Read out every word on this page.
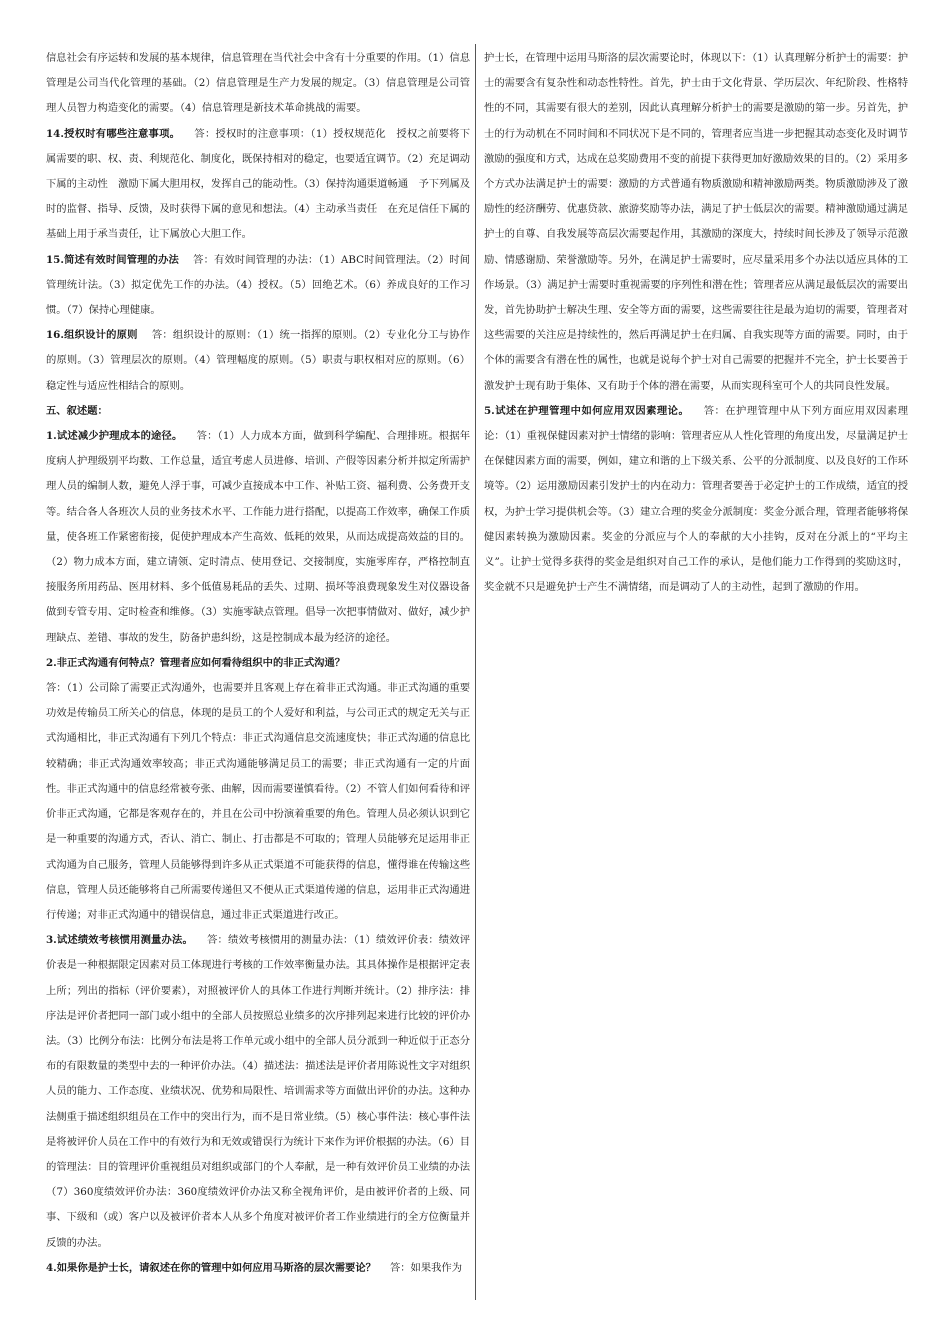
信息社会有序运转和发展的基本规律，信息管理在当代社会中含有十分重要的作用。（1）信息管理是公司当代化管理的基础。（2）信息管理是生产力发展的规定。（3）信息管理是公司管理人员智力构造变化的需要。（4）信息管理是新技术革命挑战的需要。

14.授权时有哪些注意事项。 答：授权时的注意事项：（1）授权规范化　授权之前要将下属需要的职、权、责、利规范化、制度化，既保持相对的稳定，也要适宜调节。（2）充足调动下属的主动性　激励下属大胆用权，发挥自己的能动性。（3）保持沟通渠道畅通　予下列属及时的监督、指导、反馈，及时获得下属的意见和想法。（4）主动承当责任　在充足信任下属的基础上用于承当责任，让下属放心大胆工作。

15.简述有效时间管理的办法 答：有效时间管理的办法：（1）ABC时间管理法。（2）时间管理统计法。（3）拟定优先工作的办法。（4）授权。（5）回绝艺术。（6）养成良好的工作习惯。（7）保持心理健康。

16.组织设计的原则 答：组织设计的原则：（1）统一指挥的原则。（2）专业化分工与协作的原则。（3）管理层次的原则。（4）管理幅度的原则。（5）职责与职权相对应的原则。（6）稳定性与适应性相结合的原则。

五、叙述题：

1.试述减少护理成本的途径。 答：（1）人力成本方面，做到科学编配、合理排班。根据年度病人护理级别平均数、工作总量，适宜考虑人员进修、培训、产假等因素分析并拟定所需护理人员的编制人数，避免人浮于事，可减少直接成本中工作、补贴工资、福利费、公务费开支等。结合各人各班次人员的业务技术水平、工作能力进行搭配，以提高工作效率，确保工作质量，使各班工作紧密衔接，促使护理成本产生高效、低耗的效果，从而达成提高效益的目的。（2）物力成本方面，建立请领、定时清点、使用登记、交接制度，实施零库存，严格控制直接服务所用药品、医用材料、多个低值易耗品的丢失、过期、损坏等浪费现象发生对仪器设备做到专管专用、定时检查和维修。（3）实施零缺点管理。倡导一次把事情做对、做好，减少护理缺点、差错、事故的发生，防备护患纠纷，这是控制成本最为经济的途径。

2.非正式沟通有何特点？管理者应如何看待组织中的非正式沟通？

答：（1）公司除了需要正式沟通外，也需要并且客观上存在着非正式沟通。非正式沟通的重要功效是传输员工所关心的信息，体现的是员工的个人爱好和利益，与公司正式的规定无关与正式沟通相比，非正式沟通有下列几个特点：非正式沟通信息交流速度快；非正式沟通的信息比较精确；非正式沟通效率较高；非正式沟通能够满足员工的需要；非正式沟通有一定的片面性。非正式沟通中的信息经常被夸张、曲解，因而需要谨慎看待。（2）不管人们如何看待和评价非正式沟通，它都是客观存在的，并且在公司中扮演着重要的角色。管理人员必须认识到它是一种重要的沟通方式，否认、消亡、制止、打击都是不可取的；管理人员能够充足运用非正式沟通为自己服务，管理人员能够得到许多从正式渠道不可能获得的信息，懂得谁在传输这些信息，管理人员还能够将自己所需要传递但又不便从正式渠道传递的信息，运用非正式沟通进行传递；对非正式沟通中的错误信息，通过非正式渠道进行改正。

3.试述绩效考核惯用测量办法。 答：绩效考核惯用的测量办法：（1）绩效评价表：绩效评价表是一种根据限定因素对员工体现进行考核的工作效率衡量办法。其具体操作是根据评定表上所；列出的指标（评价要素），对照被评价人的具体工作进行判断并统计。（2）排序法：排序法是评价者把同一部门或小组中的全部人员按照总业绩多的次序排列起来进行比较的评价办法。（3）比例分布法：比例分布法是将工作单元或小组中的全部人员分派到一种近似于正态分布的有限数量的类型中去的一种评价办法。（4）描述法：描述法是评价者用陈说性文字对组织人员的能力、工作态度、业绩状况、优势和局限性、培训需求等方面做出评价的办法。这种办法侧重于描述组织组员在工作中的突出行为，而不是日常业绩。（5）核心事件法：核心事件法是将被评价人员在工作中的有效行为和无效或错误行为统计下来作为评价根据的办法。（6）目的管理法：目的管理评价重视组员对组织或部门的个人奉献，是一种有效评价员工业绩的办法（7）360度绩效评价办法：360度绩效评价办法又称全视角评价，是由被评价者的上级、同事、下级和（或）客户以及被评价者本人从多个角度对被评价者工作业绩进行的全方位衡量并反馈的办法。

4.如果你是护士长，请叙述在你的管理中如何应用马斯洛的层次需要论？ 答：如果我作为

护士长，在管理中运用马斯洛的层次需要论时，体现以下：（1）认真理解分析护士的需要：护士的需要含有复杂性和动态性特性。首先，护士由于文化背景、学历层次、年纪阶段、性格特性的不同，其需要有很大的差别，因此认真理解分析护士的需要是激励的第一步。另首先，护士的行为动机在不同时间和不同状况下是不同的，管理者应当进一步把握其动态变化及时调节激励的强度和方式，达成在总奖励费用不变的前提下获得更加好激励效果的目的。（2）采用多个方式办法满足护士的需要：激励的方式普通有物质激励和精神激励两类。物质激励涉及了激励性的经济酬劳、优惠贷款、旅游奖励等办法，满足了护士低层次的需要。精神激励通过满足护士的自尊、自我发展等高层次需要起作用，其激励的深度大，持续时间长涉及了领导示范激励、情感谢励、荣誉激励等。另外，在满足护士需要时，应尽量采用多个办法以适应具体的工作场景。（3）满足护士需要时重视需要的序列性和潜在性；管理者应从满足最低层次的需要出发，首先协助护士解决生理、安全等方面的需要，这些需要往往是最为迫切的需要，管理者对这些需要的关注应是持续性的，然后再满足护士在归属、自我实现等方面的需要。同时，由于个体的需要含有潜在性的属性，也就是说每个护士对自己需要的把握并不完全，护士长要善于激发护士现有助于集体、又有助于个体的潜在需要，从而实现科室可个人的共同良性发展。

5.试述在护理管理中如何应用双因素理论。 答：在护理管理中从下列方面应用双因素理论：（1）重视保健因素对护士情绪的影响：管理者应从人性化管理的角度出发，尽量满足护士在保健因素方面的需要，例如，建立和谐的上下级关系、公平的分派制度、以及良好的工作环境等。（2）运用激励因素引发护士的内在动力：管理者要善于必定护士的工作成绩，适宜的授权，为护士学习提供机会等。（3）建立合理的奖金分派制度：奖金分派合理，管理者能够将保健因素转换为激励因素。奖金的分派应与个人的奉献的大小挂钩，反对在分派上的“平均主义”。让护士觉得多获得的奖金是组织对自己工作的承认，是他们能力工作得到的奖励这时，奖金就不只是避免护士产生不满情绪，而是调动了人的主动性，起到了激励的作用。
